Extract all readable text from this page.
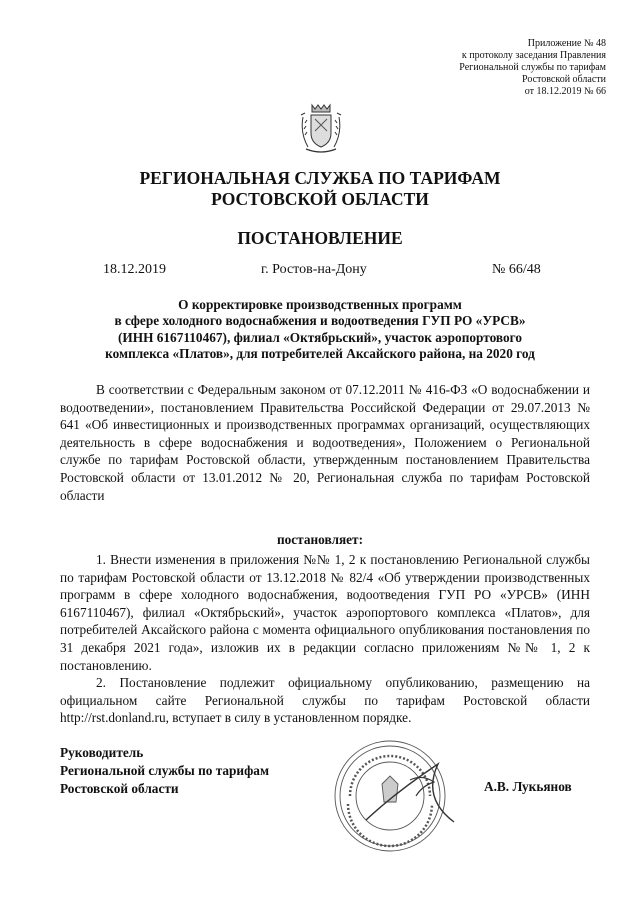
Приложение № 48
к протоколу заседания Правления
Региональной службы по тарифам
Ростовской области
от 18.12.2019 № 66
РЕГИОНАЛЬНАЯ СЛУЖБА ПО ТАРИФАМ
РОСТОВСКОЙ ОБЛАСТИ
ПОСТАНОВЛЕНИЕ
18.12.2019	г. Ростов-на-Дону	№ 66/48
О корректировке производственных программ
в сфере холодного водоснабжения и водоотведения ГУП РО «УРСВ»
(ИНН 6167110467), филиал «Октябрьский», участок аэропортового
комплекса «Платов», для потребителей Аксайского района, на 2020 год
В соответствии с Федеральным законом от 07.12.2011 № 416-ФЗ «О водоснабжении и водоотведении», постановлением Правительства Российской Федерации от 29.07.2013 № 641 «Об инвестиционных и производственных программах организаций, осуществляющих деятельность в сфере водоснабжения и водоотведения», Положением о Региональной службе по тарифам Ростовской области, утвержденным постановлением Правительства Ростовской области от 13.01.2012 № 20, Региональная служба по тарифам Ростовской области
постановляет:
1. Внести изменения в приложения №№ 1, 2 к постановлению Региональной службы по тарифам Ростовской области от 13.12.2018 № 82/4 «Об утверждении производственных программ в сфере холодного водоснабжения, водоотведения ГУП РО «УРСВ» (ИНН 6167110467), филиал «Октябрьский», участок аэропортового комплекса «Платов», для потребителей Аксайского района с момента официального опубликования постановления по 31 декабря 2021 года», изложив их в редакции согласно приложениям №№ 1, 2 к постановлению.
2. Постановление подлежит официальному опубликованию, размещению на официальном сайте Региональной службы по тарифам Ростовской области http://rst.donland.ru, вступает в силу в установленном порядке.
Руководитель
Региональной службы по тарифам
Ростовской области	А.В. Лукьянов
